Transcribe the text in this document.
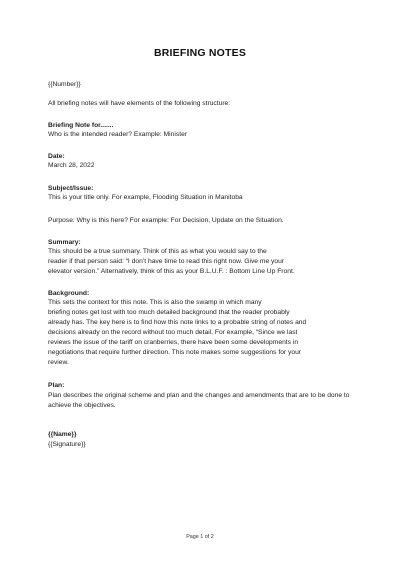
BRIEFING NOTES
{{Number}}
All briefing notes will have elements of the following structure:
Briefing Note for.......
Who is the intended reader? Example: Minister
Date:
March 28, 2022
Subject/Issue:
This is your title only. For example, Flooding Situation in Manitoba
Purpose: Why is this here? For example: For Decision, Update on the Situation.
Summary:
This should be a true summary. Think of this as what you would say to the
reader if that person said: “I don’t have time to read this right now. Give me your
elevator version.” Alternatively, think of this as your B.L.U.F. : Bottom Line Up Front.
Background:
This sets the context for this note. This is also the swamp in which many
briefing notes get lost with too much detailed background that the reader probably
already has. The key here is to find how this note links to a probable string of notes and
decisions already on the record without too much detail. For example, “Since we last
reviews the issue of the tariff on cranberries, there have been some developments in
negotiations that require further direction. This note makes some suggestions for your
review.
Plan:
Plan describes the original scheme and plan and the changes and amendments that are to be done to
achieve the objectives.
{{Name}}
{{Signature}}
Page 1 of 2
